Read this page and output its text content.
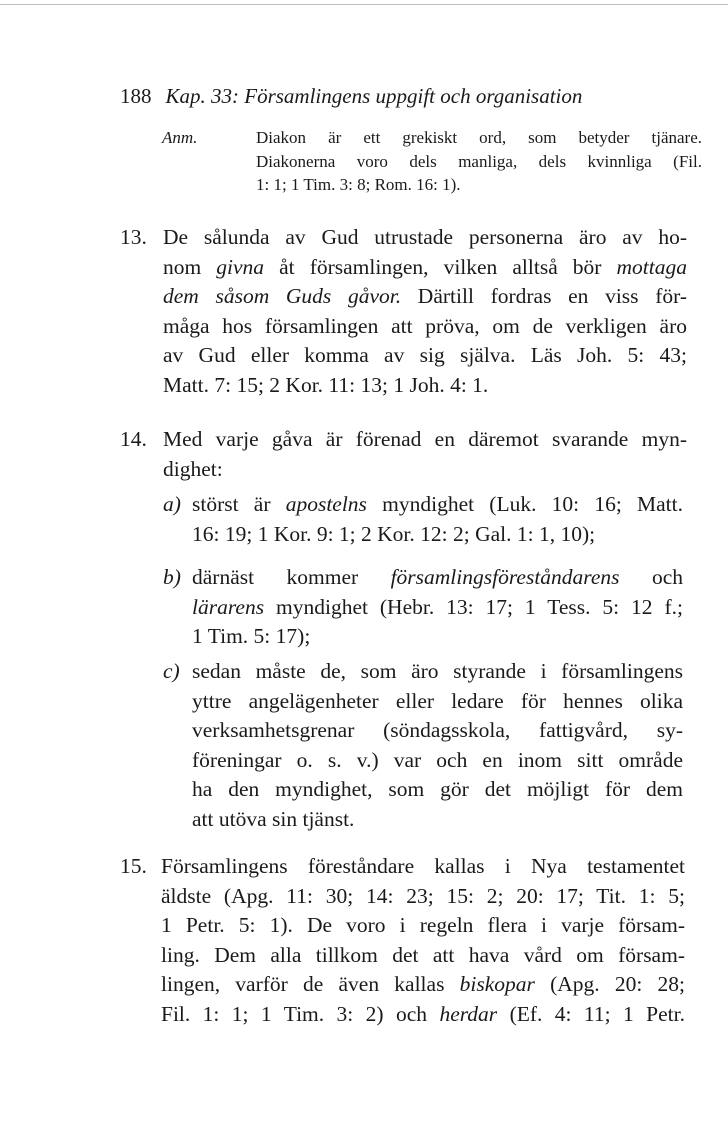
188 Kap. 33: Församlingens uppgift och organisation
Anm.	Diakon är ett grekiskt ord, som betyder tjänare.
Diakonerna voro dels manliga, dels kvinnliga (Fil.
1: 1; 1 Tim. 3: 8; Rom. 16: 1).
13. De sålunda av Gud utrustade personerna äro av ho-
nom givna åt församlingen, vilken alltså bör mottaga
dem såsom Guds gåvor. Därtill fordras en viss för-
måga hos församlingen att pröva, om de verkligen äro
av Gud eller komma av sig själva. Läs Joh. 5: 43;
Matt. 7: 15; 2 Kor. 11: 13; 1 Joh. 4: 1.
14. Med varje gåva är förenad en däremot svarande myn-
dighet:
a) störst är apostelns myndighet (Luk. 10: 16; Matt.
16: 19; 1 Kor. 9: 1; 2 Kor. 12: 2; Gal. 1: 1, 10);
b) därnäst kommer församlingsföreståndarens och
lärarens myndighet (Hebr. 13: 17; 1 Tess. 5: 12 f.;
1 Tim. 5: 17);
c) sedan måste de, som äro styrande i församlingens
yttre angelägenheter eller ledare för hennes olika
verksamhetsgrenar (söndagsskola, fattigvård, sy-
föreningar o. s. v.) var och en inom sitt område
ha den myndighet, som gör det möjligt för dem
att utöva sin tjänst.
15. Församlingens föreståndare kallas i Nya testamentet
äldste (Apg. 11: 30; 14: 23; 15: 2; 20: 17; Tit. 1: 5;
1 Petr. 5: 1). De voro i regeln flera i varje försam-
ling. Dem alla tillkom det att hava vård om försam-
lingen, varför de även kallas biskopar (Apg. 20: 28;
Fil. 1: 1; 1 Tim. 3: 2) och herdar (Ef. 4: 11; 1 Petr.
